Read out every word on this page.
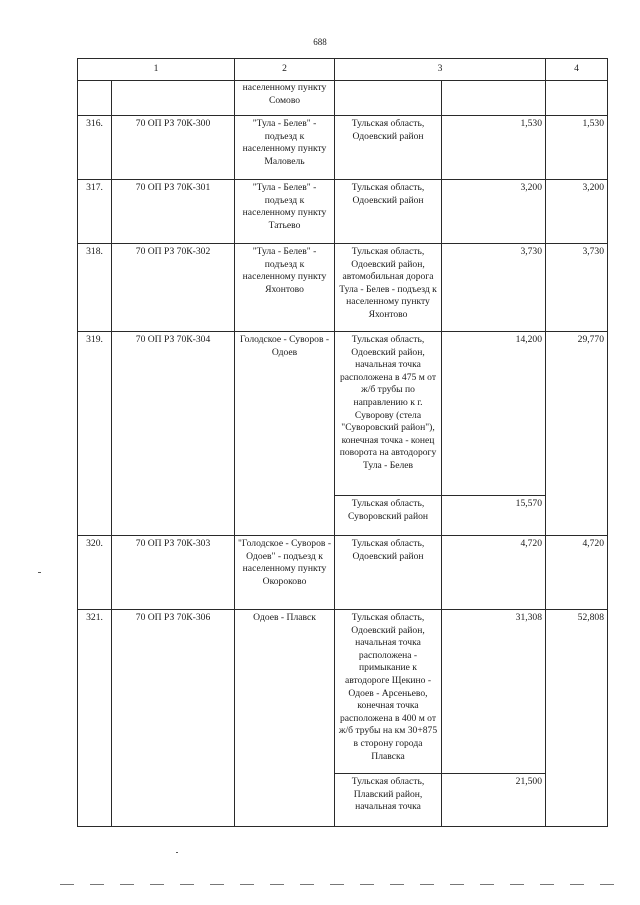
688
1		2	3		4
		населенному пункту Сомово			
316.	70 ОП РЗ 70К-300	"Тула - Белев" - подъезд к населенному пункту Маловель	Тульская область, Одоевский район	1,530	1,530
317.	70 ОП РЗ 70К-301	"Тула - Белев" - подъезд к населенному пункту Татьево	Тульская область, Одоевский район	3,200	3,200
318.	70 ОП РЗ 70К-302	"Тула - Белев" - подъезд к населенному пункту Яхонтово	Тульская область, Одоевский район, автомобильная дорога Тула - Белев - подъезд к населенному пункту Яхонтово	3,730	3,730
319.	70 ОП РЗ 70К-304	Голодское - Суворов - Одоев	Тульская область, Одоевский район, начальная точка расположена в 475 м от ж/б трубы по направлению к г. Суворову (стела "Суворовский район"), конечная точка - конец поворота на автодорогу Тула - Белев	14,200	29,770
			Тульская область, Суворовский район	15,570	
320.	70 ОП РЗ 70К-303	"Голодское - Суворов - Одоев" - подъезд к населенному пункту Окороково	Тульская область, Одоевский район	4,720	4,720
321.	70 ОП РЗ 70К-306	Одоев - Плавск	Тульская область, Одоевский район, начальная точка расположена - примыкание к автодороге Щекино - Одоев - Арсеньево, конечная точка расположена в 400 м от ж/б трубы на км 30+875 в сторону города Плавска	31,308	52,808
			Тульская область, Плавский район, начальная точка	21,500	
